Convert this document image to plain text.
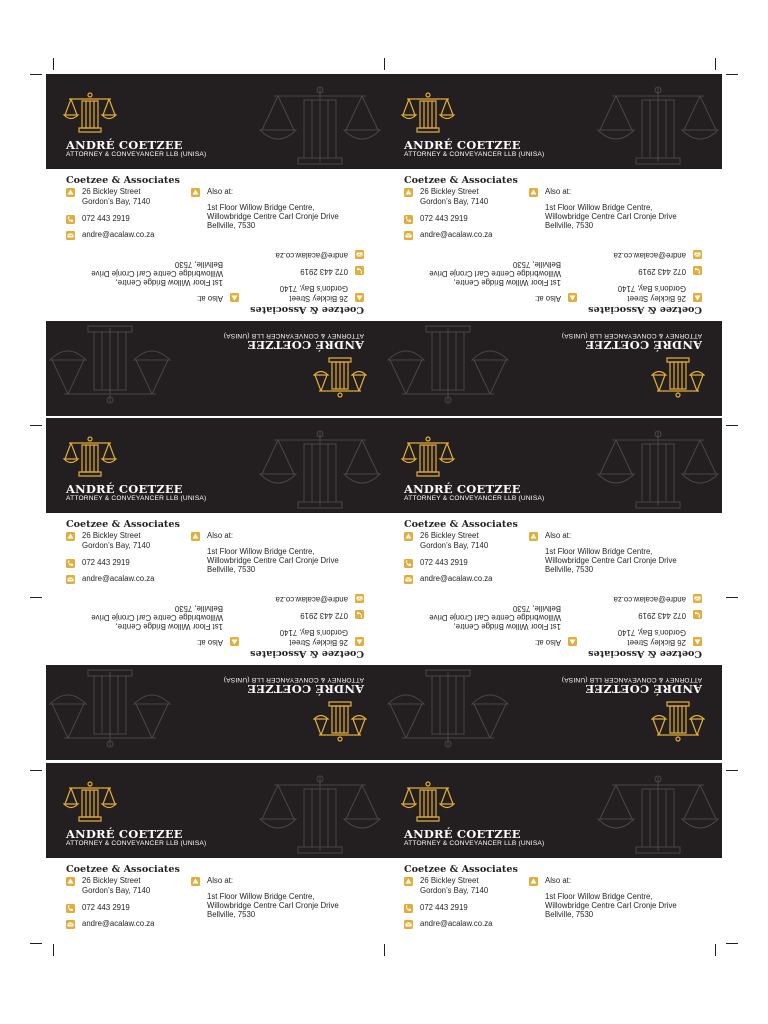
ANDRÉ COETZEE
ATTORNEY & CONVEYANCER LLB (UNISA)
Coetzee & Associates
26 Bickley Street
Gordon’s Bay, 7140
072 443 2919
andre@acalaw.co.za
Also at:
1st Floor Willow Bridge Centre,
Willowbridge Centre Carl Cronje Drive
Bellville, 7530
ANDRÉ COETZEE
ATTORNEY & CONVEYANCER LLB (UNISA)
Coetzee & Associates
26 Bickley Street
Gordon’s Bay, 7140
072 443 2919
andre@acalaw.co.za
Also at:
1st Floor Willow Bridge Centre,
Willowbridge Centre Carl Cronje Drive
Bellville, 7530
ANDRÉ COETZEE
ATTORNEY & CONVEYANCER LLB (UNISA)
Coetzee & Associates
26 Bickley Street
Gordon’s Bay, 7140
072 443 2919
andre@acalaw.co.za
Also at:
1st Floor Willow Bridge Centre,
Willowbridge Centre Carl Cronje Drive
Bellville, 7530
ANDRÉ COETZEE
ATTORNEY & CONVEYANCER LLB (UNISA)
Coetzee & Associates
26 Bickley Street
Gordon’s Bay, 7140
072 443 2919
andre@acalaw.co.za
Also at:
1st Floor Willow Bridge Centre,
Willowbridge Centre Carl Cronje Drive
Bellville, 7530
ANDRÉ COETZEE
ATTORNEY & CONVEYANCER LLB (UNISA)
Coetzee & Associates
26 Bickley Street
Gordon’s Bay, 7140
072 443 2919
andre@acalaw.co.za
Also at:
1st Floor Willow Bridge Centre,
Willowbridge Centre Carl Cronje Drive
Bellville, 7530
ANDRÉ COETZEE
ATTORNEY & CONVEYANCER LLB (UNISA)
Coetzee & Associates
26 Bickley Street
Gordon’s Bay, 7140
072 443 2919
andre@acalaw.co.za
Also at:
1st Floor Willow Bridge Centre,
Willowbridge Centre Carl Cronje Drive
Bellville, 7530
ANDRÉ COETZEE
ATTORNEY & CONVEYANCER LLB (UNISA)
Coetzee & Associates
26 Bickley Street
Gordon’s Bay, 7140
072 443 2919
andre@acalaw.co.za
Also at:
1st Floor Willow Bridge Centre,
Willowbridge Centre Carl Cronje Drive
Bellville, 7530
ANDRÉ COETZEE
ATTORNEY & CONVEYANCER LLB (UNISA)
Coetzee & Associates
26 Bickley Street
Gordon’s Bay, 7140
072 443 2919
andre@acalaw.co.za
Also at:
1st Floor Willow Bridge Centre,
Willowbridge Centre Carl Cronje Drive
Bellville, 7530
ANDRÉ COETZEE
ATTORNEY & CONVEYANCER LLB (UNISA)
Coetzee & Associates
26 Bickley Street
Gordon’s Bay, 7140
072 443 2919
andre@acalaw.co.za
Also at:
1st Floor Willow Bridge Centre,
Willowbridge Centre Carl Cronje Drive
Bellville, 7530
ANDRÉ COETZEE
ATTORNEY & CONVEYANCER LLB (UNISA)
Coetzee & Associates
26 Bickley Street
Gordon’s Bay, 7140
072 443 2919
andre@acalaw.co.za
Also at:
1st Floor Willow Bridge Centre,
Willowbridge Centre Carl Cronje Drive
Bellville, 7530
